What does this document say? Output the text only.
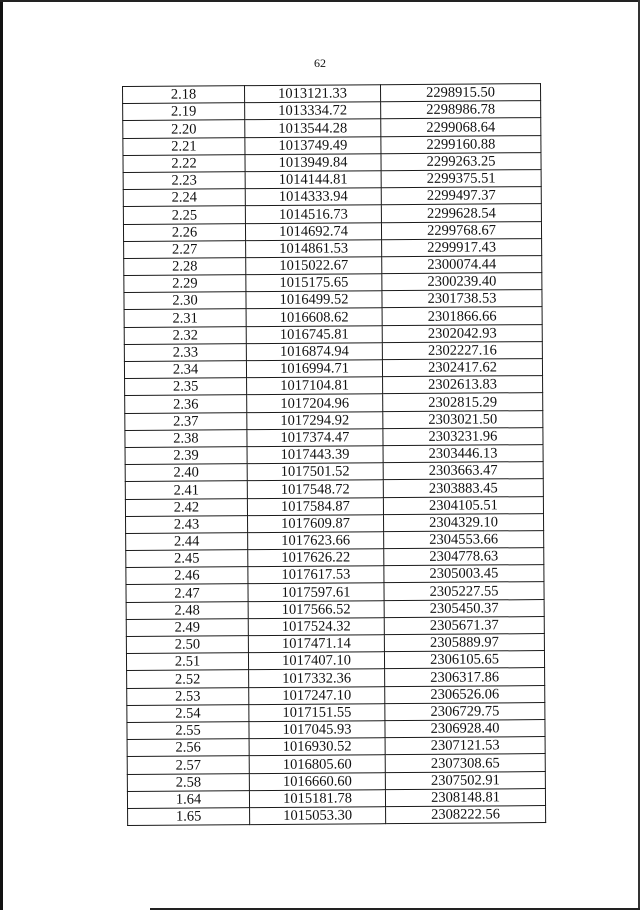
62
2.18	1013121.33	2298915.50
2.19	1013334.72	2298986.78
2.20	1013544.28	2299068.64
2.21	1013749.49	2299160.88
2.22	1013949.84	2299263.25
2.23	1014144.81	2299375.51
2.24	1014333.94	2299497.37
2.25	1014516.73	2299628.54
2.26	1014692.74	2299768.67
2.27	1014861.53	2299917.43
2.28	1015022.67	2300074.44
2.29	1015175.65	2300239.40
2.30	1016499.52	2301738.53
2.31	1016608.62	2301866.66
2.32	1016745.81	2302042.93
2.33	1016874.94	2302227.16
2.34	1016994.71	2302417.62
2.35	1017104.81	2302613.83
2.36	1017204.96	2302815.29
2.37	1017294.92	2303021.50
2.38	1017374.47	2303231.96
2.39	1017443.39	2303446.13
2.40	1017501.52	2303663.47
2.41	1017548.72	2303883.45
2.42	1017584.87	2304105.51
2.43	1017609.87	2304329.10
2.44	1017623.66	2304553.66
2.45	1017626.22	2304778.63
2.46	1017617.53	2305003.45
2.47	1017597.61	2305227.55
2.48	1017566.52	2305450.37
2.49	1017524.32	2305671.37
2.50	1017471.14	2305889.97
2.51	1017407.10	2306105.65
2.52	1017332.36	2306317.86
2.53	1017247.10	2306526.06
2.54	1017151.55	2306729.75
2.55	1017045.93	2306928.40
2.56	1016930.52	2307121.53
2.57	1016805.60	2307308.65
2.58	1016660.60	2307502.91
1.64	1015181.78	2308148.81
1.65	1015053.30	2308222.56
